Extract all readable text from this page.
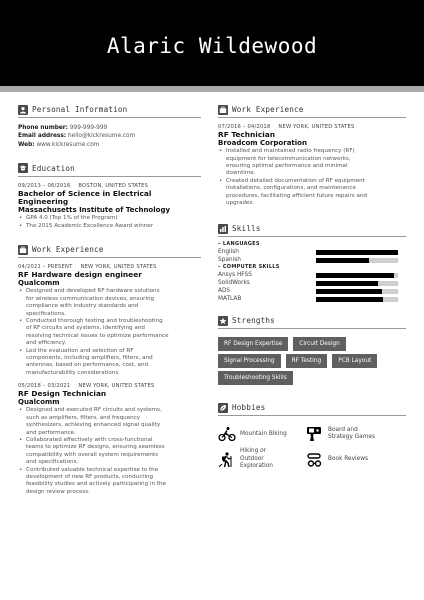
Alaric Wildewood
Personal Information
Phone number: 999-999-999
Email address: hello@kickresume.com
Web: www.kickresume.com
Education
09/2013 – 06/2016 BOSTON, UNITED STATES
Bachelor of Science in Electrical
Engineering
Massachusetts Institute of Technology
• GPA 4.0 (Top 1% of the Program)
• The 2015 Academic Excellence Award winner
Work Experience
04/2021 – PRESENT NEW YORK, UNITED STATES
RF Hardware design engineer
Qualcomm
• Designed and developed RF hardware solutions
for wireless communication devices, ensuring
compliance with industry standards and
specifications.
• Conducted thorough testing and troubleshooting
of RF circuits and systems, identifying and
resolving technical issues to optimize performance
and efficiency.
• Led the evaluation and selection of RF
components, including amplifiers, filters, and
antennas, based on performance, cost, and
manufacturability considerations.
05/2018 – 03/2021 NEW YORK, UNITED STATES
RF Design Technician
Qualcomm
• Designed and executed RF circuits and systems,
such as amplifiers, filters, and frequency
synthesizers, achieving enhanced signal quality
and performance.
• Collaborated effectively with cross-functional
teams to optimize RF designs, ensuring seamless
compatibility with overall system requirements
and specifications.
• Contributed valuable technical expertise to the
development of new RF products, conducting
feasibility studies and actively participating in the
design review process.
Work Experience
07/2016 – 04/2018 NEW YORK, UNITED STATES
RF Technician
Broadcom Corporation
• Installed and maintained radio frequency (RF)
equipment for telecommunication networks,
ensuring optimal performance and minimal
downtime.
• Created detailed documentation of RF equipment
installations, configurations, and maintenance
procedures, facilitating efficient future repairs and
upgrades.
Skills
– LANGUAGES
English
Spanish
– COMPUTER SKILLS
Ansys HFSS
SolidWorks
ADS
MATLAB
Strengths
RF Design Expertise	Circuit Design
Signal Processing	RF Testing	PCB Layout
Troubleshooting Skills
Hobbies
Mountain Biking
Board and
Strategy Games
Hiking or
Outdoor
Exploration
Book Reviews
